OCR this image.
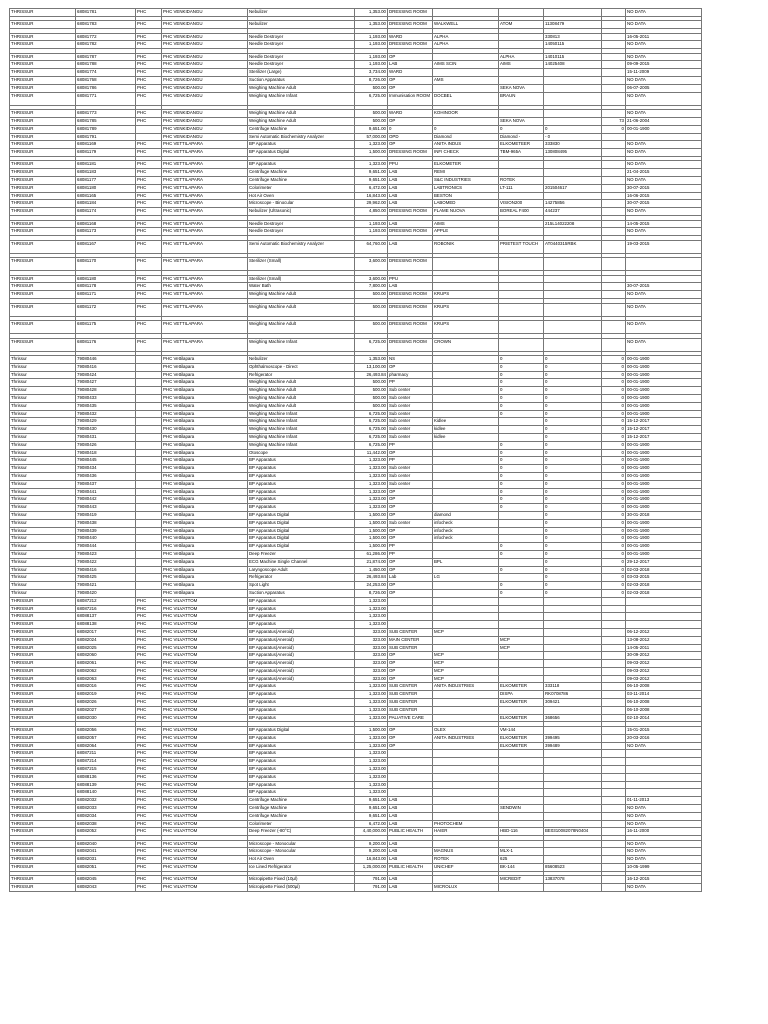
THRISSUR	68081781	PHC	PHC VENKIDANGU	Nebulizer	1,353.00	DRESSING ROOM					NO DATA

THRISSUR	68081783	PHC	PHC VENKIDANGU	Nebulizer	1,353.00	DRESSING ROOM	WALKWELL	ATOM	11308479		NO DATA

THRISSUR	68081772	PHC	PHC VENKIDANGU	Needle Destroyer	1,193.00	WARD	ALPHA		330813		16-05-2011
THRISSUR	68081782	PHC	PHC VENKIDANGU	Needle Destroyer	1,193.00	DRESSING ROOM	ALPHA		14050115		NO DATA

THRISSUR	68081787	PHC	PHC VENKIDANGU	Needle Destroyer	1,193.00	OP		ALPHA	14010115		NO DATA
THRISSUR	68081788	PHC	PHC VENKIDANGU	Needle Destroyer	1,193.00	LAB	AIMS SCIN	AIMS	14025408		09-09-2015
THRISSUR	68081774	PHC	PHC VENKIDANGU	Sterilizer (Large)	3,734.00	WARD					15-11-2009
THRISSUR	68081768	PHC	PHC VENKIDANGU	Suction Apparatus	8,726.00	OP	AMS				NO DATA
THRISSUR	68081786	PHC	PHC VENKIDANGU	Weighing Machine Adult	500.00	OP		SEKA NOVA			06-07-2005
THRISSUR	68081771	PHC	PHC VENKIDANGU	Weighing Machine Infant	6,725.00	Immunisation ROOM	DOCBEL	BRAUN			NO DATA

THRISSUR	68081773	PHC	PHC VENKIDANGU	Weighing Machine Adult	500.00	WARD	KOHINOOR				NO DATA
THRISSUR	68081785	PHC	PHC VENKIDANGU	Weighing Machine Adult	500.00	OP		SEKA NOVA		73	21-06-2004
THRISSUR	68081789		PHC VENKIDANGU	Centrifuge Machine	9,651.00	0	0	0	0	0	00-01-1900
THRISSUR	68081791		PHC VENKIDANGU	Semi Automatic Biochemistry Analyzer	57,000.00	OPD	Diamond	Diamond -	- 0		
THRISSUR	68081169	PHC	PHC VETTILAPARA	BP Apparatus	1,323.00	OP	ANITA INDUS	ELKOMETEER	333830		NO DATA
THRISSUR	68081179	PHC	PHC VETTILAPARA	BP Apparatus Digital	1,500.00	DRESSING ROOM	INFI CHECK	TBM-965A	130808495		NO DATA

THRISSUR	68081181	PHC	PHC VETTILAPARA	BP Apparatus	1,323.00	PPU	ELKOMETER				NO DATA
THRISSUR	68081183	PHC	PHC VETTILAPARA	Centrifuge Machine	9,651.00	LAB	REMI				21-04-2015
THRISSUR	68081177	PHC	PHC VETTILAPARA	Centrifuge Machine	9,651.00	LAB	S&C INDUSTRIES	ROTEK			NO DATA
THRISSUR	68081180	PHC	PHC VETTILAPARA	Colorimeter	6,472.00	LAB	LABTRONICS	LT-111	201504617		30-07-2015
THRISSUR	68081165	PHC	PHC VETTILAPARA	Hot Air Oven	16,843.00	LAB	BESTON				16-06-2015
THRISSUR	68081184	PHC	PHC VETTILAPARA	Microscope - Binocular	29,962.00	LAB	LABOMED	VISION200	14275856		30-07-2015
THRISSUR	68081174	PHC	PHC VETTILAPARA	Nebulizer (Ultrasonic)	4,850.00	DRESSING ROOM	FLAME NUOVA	BOREAL F400	444237		NO DATA

THRISSUR	68081168	PHC	PHC VETTILAPARA	Needle Destroyer	1,193.00	LAB	AIMS		215L14022208		14-05-2015
THRISSUR	68081173	PHC	PHC VETTILAPARA	Needle Destroyer	1,193.00	DRESSING ROOM	APPLE				NO DATA

THRISSUR	68081167	PHC	PHC VETTILAPARA	Semi Automatic Biochemistry Analyzer	64,760.00	LAB	ROBONIK	PRIETEST TOUCH	AT0440315RBK		19-03-2015

THRISSUR	68081170	PHC	PHC VETTILAPARA	Sterilizer (Small)	3,600.00	DRESSING ROOM					

THRISSUR	68081180	PHC	PHC VETTILAPARA	Sterilizer (Small)	3,600.00	PPU					
THRISSUR	68081178	PHC	PHC VETTILAPARA	Water Bath	7,800.00	LAB					30-07-2015
THRISSUR	68081171	PHC	PHC VETTILAPARA	Weighing Machine Adult	500.00	DRESSING ROOM	KRUPS				NO DATA

THRISSUR	68081172	PHC	PHC VETTILAPARA	Weighing Machine Adult	500.00	DRESSING ROOM	KRUPS				NO DATA

THRISSUR	68081175	PHC	PHC VETTILAPARA	Weighing Machine Adult	500.00	DRESSING ROOM	KRUPS				NO DATA

THRISSUR	68081176	PHC	PHC VETTILAPARA	Weighing Machine Infant	6,725.00	DRESSING ROOM	CROWN				NO DATA

Thrissur	79080446		PHC Vettilapara	Nebulizer	1,353.00	NS		0	0	0	00-01-1900
Thrissur	79080416		PHC Vettilapara	Ophthalmoscope - Direct	13,100.00	OP		0	0	0	00-01-1900
Thrissur	79080424		PHC Vettilapara	Refrigerator	26,493.84	pharmacy		0	0	0	00-01-1900
Thrissur	79080427		PHC Vettilapara	Weighing Machine Adult	500.00	PP		0	0	0	00-01-1900
Thrissur	79080428		PHC Vettilapara	Weighing Machine Adult	500.00	Sub center		0	0	0	00-01-1900
Thrissur	79080433		PHC Vettilapara	Weighing Machine Adult	500.00	Sub center		0	0	0	00-01-1900
Thrissur	79080435		PHC Vettilapara	Weighing Machine Adult	500.00	Sub center		0	0	0	00-01-1900
Thrissur	79080432		PHC Vettilapara	Weighing Machine Infant	6,725.00	Sub center		0	0	0	00-01-1900
Thrissur	79080429		PHC Vettilapara	Weighing Machine Infant	6,725.00	Sub center	Kidlee		0	0	15-12-2017
Thrissur	79080430		PHC Vettilapara	Weighing Machine Infant	6,725.00	Sub center	kidlee		0	0	15-12-2017
Thrissur	79080431		PHC Vettilapara	Weighing Machine Infant	6,725.00	Sub center	kidlee		0	0	15-12-2017
Thrissur	79080426		PHC Vettilapara	Weighing Machine Infant	6,725.00	PP		0	0	0	00-01-1900
Thrissur	79080418		PHC Vettilapara	Otoscope	11,442.00	OP		0	0	0	00-01-1900
Thrissur	79080445		PHC Vettilapara	BP Apparatus	1,323.00	PP		0	0	0	00-01-1900
Thrissur	79080434		PHC Vettilapara	BP Apparatus	1,323.00	Sub center		0	0	0	00-01-1900
Thrissur	79080436		PHC Vettilapara	BP Apparatus	1,323.00	Sub center		0	0	0	00-01-1900
Thrissur	79080437		PHC Vettilapara	BP Apparatus	1,323.00	Sub center		0	0	0	00-01-1900
Thrissur	79080441		PHC Vettilapara	BP Apparatus	1,323.00	OP		0	0	0	00-01-1900
Thrissur	79080442		PHC Vettilapara	BP Apparatus	1,323.00	OP		0	0	0	00-01-1900
Thrissur	79080443		PHC Vettilapara	BP Apparatus	1,323.00	OP		0	0	0	00-01-1900
Thrissur	79080419		PHC Vettilapara	BP Apparatus Digital	1,500.00	OP	diamond		0	0	30-01-2018
Thrissur	79080438		PHC Vettilapara	BP Apparatus Digital	1,500.00	Sub center	infocheck		0	0	00-01-1900
Thrissur	79080439		PHC Vettilapara	BP Apparatus Digital	1,500.00	OP	infocheck		0	0	00-01-1900
Thrissur	79080440		PHC Vettilapara	BP Apparatus Digital	1,500.00	OP	infocheck		0	0	00-01-1900
Thrissur	79080444		PHC Vettilapara	BP Apparatus Digital	1,500.00	PP		0	0	0	00-01-1900
Thrissur	79080423		PHC Vettilapara	Deep Freezer	61,286.00	PP		0	0	0	00-01-1900
Thrissur	79080422		PHC Vettilapara	ECG Machine Single Channel	21,874.00	OP	BPL		0	0	29-12-2017
Thrissur	79080416		PHC Vettilapara	Laryngoscope Adult	1,450.00	OP		0	0	0	02-03-2018
Thrissur	79080425		PHC Vettilapara	Refrigerator	26,493.84	Lab	LG		0	0	03-03-2015
Thrissur	79080421		PHC Vettilapara	Spot Light	24,253.00	OP		0	0	0	02-03-2018
Thrissur	79080420		PHC Vettilapara	Suction Apparatus	8,726.00	OP		0	0	0	02-03-2018
THRISSUR	68087212	PHC	PHC VILVATTOM	BP Apparatus	1,323.00						
THRISSUR	68087216	PHC	PHC VILVATTOM	BP Apparatus	1,323.00						
THRISSUR	68088137	PHC	PHC VILVATTOM	BP Apparatus	1,323.00						
THRISSUR	68088138	PHC	PHC VILVATTOM	BP Apparatus	1,323.00						
THRISSUR	68082017	PHC	PHC VILVATTOM	BP Apparatus(Aneroid)	323.00	SUB CENTER	MCP				06-12-2012
THRISSUR	68082024	PHC	PHC VILVATTOM	BP Apparatus(Aneroid)	323.00	MAIN CENTER		MCP			13-08-2012
THRISSUR	68082025	PHC	PHC VILVATTOM	BP Apparatus(Aneroid)	323.00	SUB CENTER		MCP			14-05-2011
THRISSUR	68082060	PHC	PHC VILVATTOM	BP Apparatus(Aneroid)	323.00	OP	MCP				30-09-2012
THRISSUR	68082061	PHC	PHC VILVATTOM	BP Apparatus(Aneroid)	323.00	OP	MCP				09-03-2012
THRISSUR	68082062	PHC	PHC VILVATTOM	BP Apparatus(Aneroid)	323.00	OP	MCP				09-03-2012
THRISSUR	68082063	PHC	PHC VILVATTOM	BP Apparatus(Aneroid)	323.00	OP	MCP				09-03-2012
THRISSUR	68082016	PHC	PHC VILVATTOM	BP Apparatus	1,323.00	SUB CENTER	ANITA INDUSTRIES	ELKOMETER	333118		06-10-2008
THRISSUR	68082019	PHC	PHC VILVATTOM	BP Apparatus	1,323.00	SUB CENTER		DISPA	RK0708786		03-11-2014
THRISSUR	68082026	PHC	PHC VILVATTOM	BP Apparatus	1,323.00	SUB CENTER		ELKOMETER	309421		06-10-2008
THRISSUR	68082027	PHC	PHC VILVATTOM	BP Apparatus	1,323.00	SUB CENTER					06-10-2008
THRISSUR	68082030	PHC	PHC VILVATTOM	BP Apparatus	1,323.00	PALIATIVE CARE		ELKOMETER	368656		02-10-2014

THRISSUR	68082056	PHC	PHC VILVATTOM	BP Apparatus Digital	1,500.00	OP	OLEX	VM-144			15-01-2015
THRISSUR	68082057	PHC	PHC VILVATTOM	BP Apparatus	1,323.00	OP	ANITA INDUSTRIES	ELKOMETER	399495		20-03-2016
THRISSUR	68082064	PHC	PHC VILVATTOM	BP Apparatus	1,323.00	OP		ELKOMETER	399489		NO DATA
THRISSUR	68087211	PHC	PHC VILVATTOM	BP Apparatus	1,323.00						
THRISSUR	68087214	PHC	PHC VILVATTOM	BP Apparatus	1,323.00						
THRISSUR	68087215	PHC	PHC VILVATTOM	BP Apparatus	1,323.00						
THRISSUR	68088136	PHC	PHC VILVATTOM	BP Apparatus	1,323.00						
THRISSUR	68088139	PHC	PHC VILVATTOM	BP Apparatus	1,323.00						
THRISSUR	68088140	PHC	PHC VILVATTOM	BP Apparatus	1,323.00						
THRISSUR	68082032	PHC	PHC VILVATTOM	Centrifuge Machine	9,651.00	LAB					01-11-2013
THRISSUR	68082033	PHC	PHC VILVATTOM	Centrifuge Machine	9,651.00	LAB		SENDWIN			NO DATA
THRISSUR	68082034	PHC	PHC VILVATTOM	Centrifuge Machine	9,651.00	LAB					NO DATA
THRISSUR	68082038	PHC	PHC VILVATTOM	Colorimeter	6,472.00	LAB	PHOTOCHEM				NO DATA
THRISSUR	68082052	PHC	PHC VILVATTOM	Deep Freezer (-80°C)	4,40,000.00	PUBLIC HEALTH	HAIER	HBD-116	BE0310082078N0404		16-11-2000

THRISSUR	68082040	PHC	PHC VILVATTOM	Microscope - Monocular	9,200.00	LAB					NO DATA
THRISSUR	68082041	PHC	PHC VILVATTOM	Microscope - Monocular	9,200.00	LAB	MAGNUS	MLX-1			NO DATA
THRISSUR	68082031	PHC	PHC VILVATTOM	Hot Air Oven	16,843.00	LAB	ROTEK	625			NO DATA
THRISSUR	68082051	PHC	PHC VILVATTOM	Ice Lined Refrigerator	1,25,000.00	PUBLIC HEALTH	UNICHEF	BK-144	85608523		10-05-1999

THRISSUR	68082045	PHC	PHC VILVATTOM	Micropipette Fixed (10µl)	791.00	LAB		MICREDIT	13837078		16-12-2015
THRISSUR	68082043	PHC	PHC VILVATTOM	Micropipette Fixed (500µl)	791.00	LAB	MICROLUX				NO DATA
